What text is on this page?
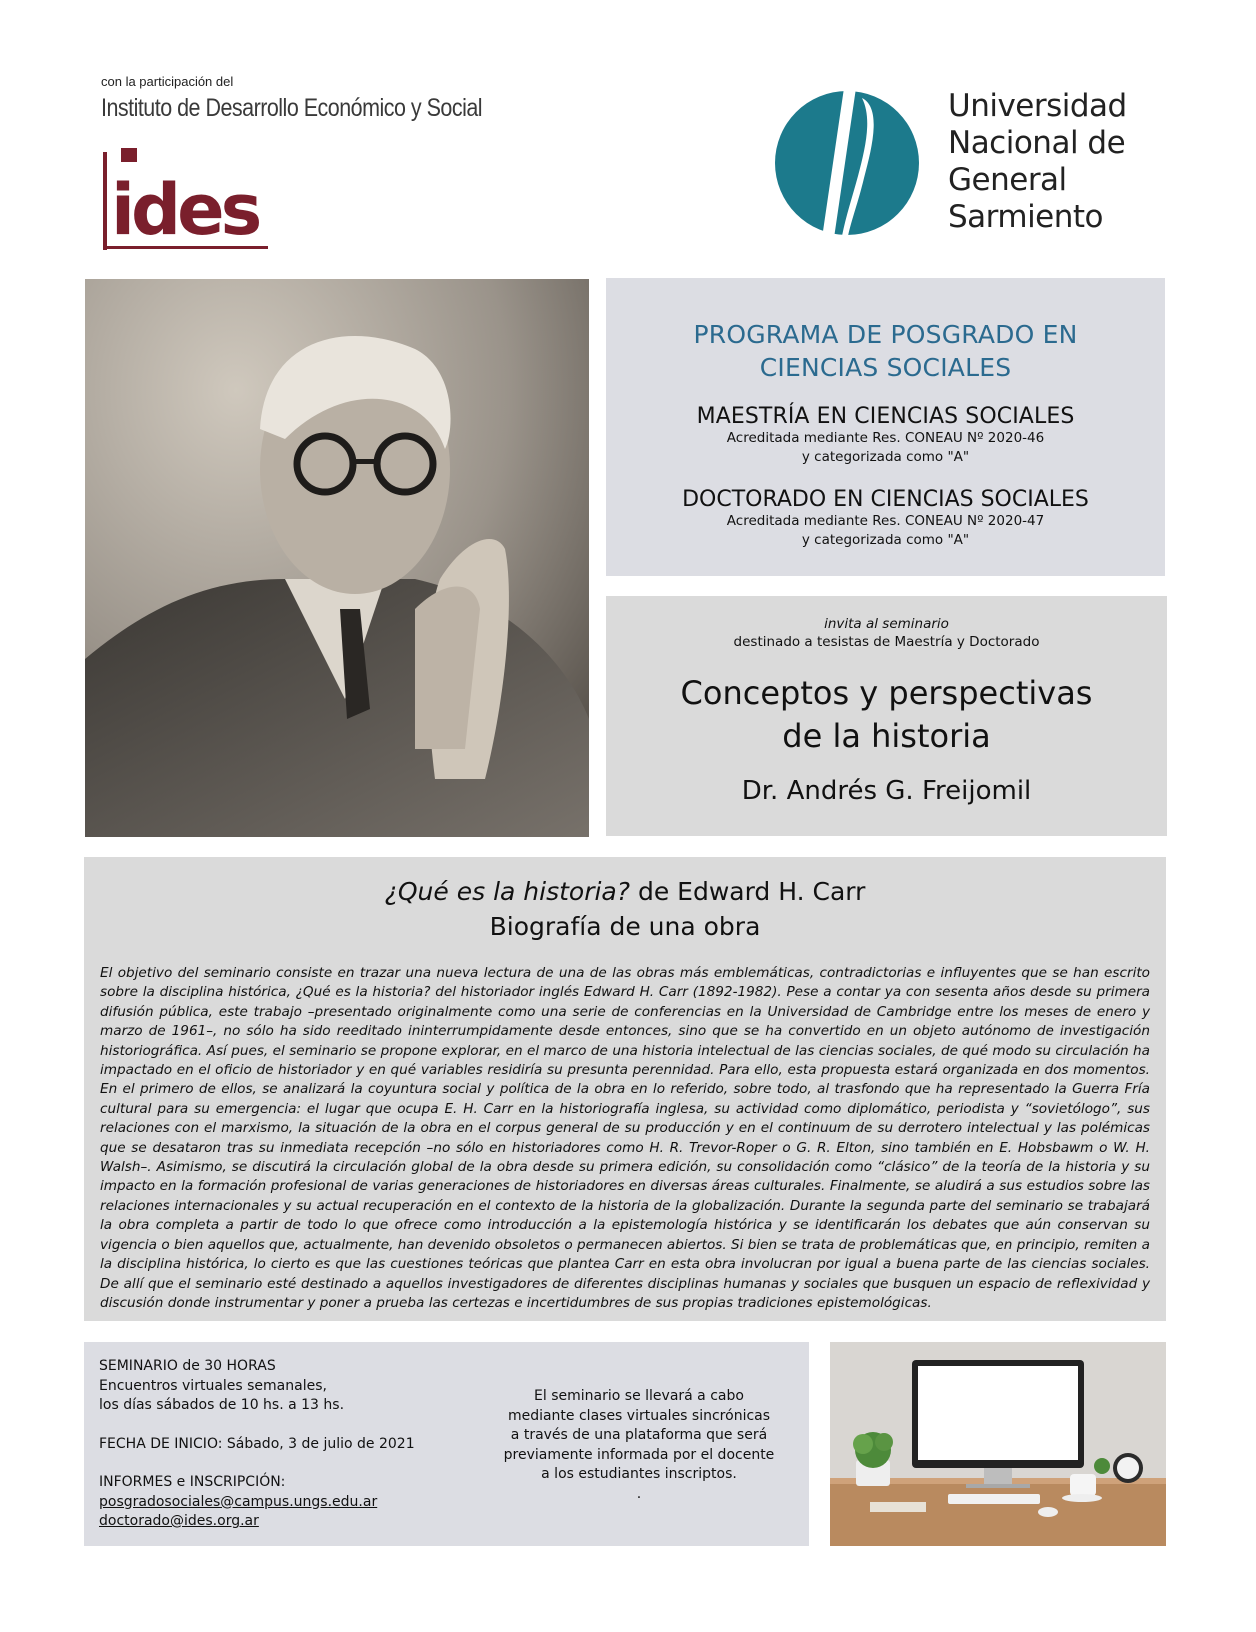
con la participación del
Instituto de Desarrollo Económico y Social
ides
Universidad
Nacional de
General
Sarmiento
PROGRAMA DE POSGRADO EN
CIENCIAS SOCIALES
MAESTRÍA EN CIENCIAS SOCIALES
Acreditada mediante Res. CONEAU Nº 2020-46
y categorizada como "A"
DOCTORADO EN CIENCIAS SOCIALES
Acreditada mediante Res. CONEAU Nº 2020-47
y categorizada como "A"
invita al seminario
destinado a tesistas de Maestría y Doctorado
Conceptos y perspectivas
de la historia
Dr. Andrés G. Freijomil
¿Qué es la historia? de Edward H. Carr
Biografía de una obra
El objetivo del seminario consiste en trazar una nueva lectura de una de las obras más emblemáticas, contradictorias e influyentes que se han escrito sobre la disciplina histórica, ¿Qué es la historia? del historiador inglés Edward H. Carr (1892-1982). Pese a contar ya con sesenta años desde su primera difusión pública, este trabajo –presentado originalmente como una serie de conferencias en la Universidad de Cambridge entre los meses de enero y marzo de 1961–, no sólo ha sido reeditado ininterrumpidamente desde entonces, sino que se ha convertido en un objeto autónomo de investigación historiográfica. Así pues, el seminario se propone explorar, en el marco de una historia intelectual de las ciencias sociales, de qué modo su circulación ha impactado en el oficio de historiador y en qué variables residiría su presunta perennidad. Para ello, esta propuesta estará organizada en dos momentos. En el primero de ellos, se analizará la coyuntura social y política de la obra en lo referido, sobre todo, al trasfondo que ha representado la Guerra Fría cultural para su emergencia: el lugar que ocupa E. H. Carr en la historiografía inglesa, su actividad como diplomático, periodista y “sovietólogo”, sus relaciones con el marxismo, la situación de la obra en el corpus general de su producción y en el continuum de su derrotero intelectual y las polémicas que se desataron tras su inmediata recepción –no sólo en historiadores como H. R. Trevor-Roper o G. R. Elton, sino también en E. Hobsbawm o W. H. Walsh–. Asimismo, se discutirá la circulación global de la obra desde su primera edición, su consolidación como “clásico” de la teoría de la historia y su impacto en la formación profesional de varias generaciones de historiadores en diversas áreas culturales. Finalmente, se aludirá a sus estudios sobre las relaciones internacionales y su actual recuperación en el contexto de la historia de la globalización. Durante la segunda parte del seminario se trabajará la obra completa a partir de todo lo que ofrece como introducción a la epistemología histórica y se identificarán los debates que aún conservan su vigencia o bien aquellos que, actualmente, han devenido obsoletos o permanecen abiertos. Si bien se trata de problemáticas que, en principio, remiten a la disciplina histórica, lo cierto es que las cuestiones teóricas que plantea Carr en esta obra involucran por igual a buena parte de las ciencias sociales. De allí que el seminario esté destinado a aquellos investigadores de diferentes disciplinas humanas y sociales que busquen un espacio de reflexividad y discusión donde instrumentar y poner a prueba las certezas e incertidumbres de sus propias tradiciones epistemológicas.
SEMINARIO de 30 HORAS
Encuentros virtuales semanales,
los días sábados de 10 hs. a 13 hs.
FECHA DE INICIO: Sábado, 3 de julio de 2021
INFORMES e INSCRIPCIÓN:
posgradosociales@campus.ungs.edu.ar
doctorado@ides.org.ar
El seminario se llevará a cabo
mediante clases virtuales sincrónicas
a través de una plataforma que será
previamente informada por el docente
a los estudiantes inscriptos.
.
